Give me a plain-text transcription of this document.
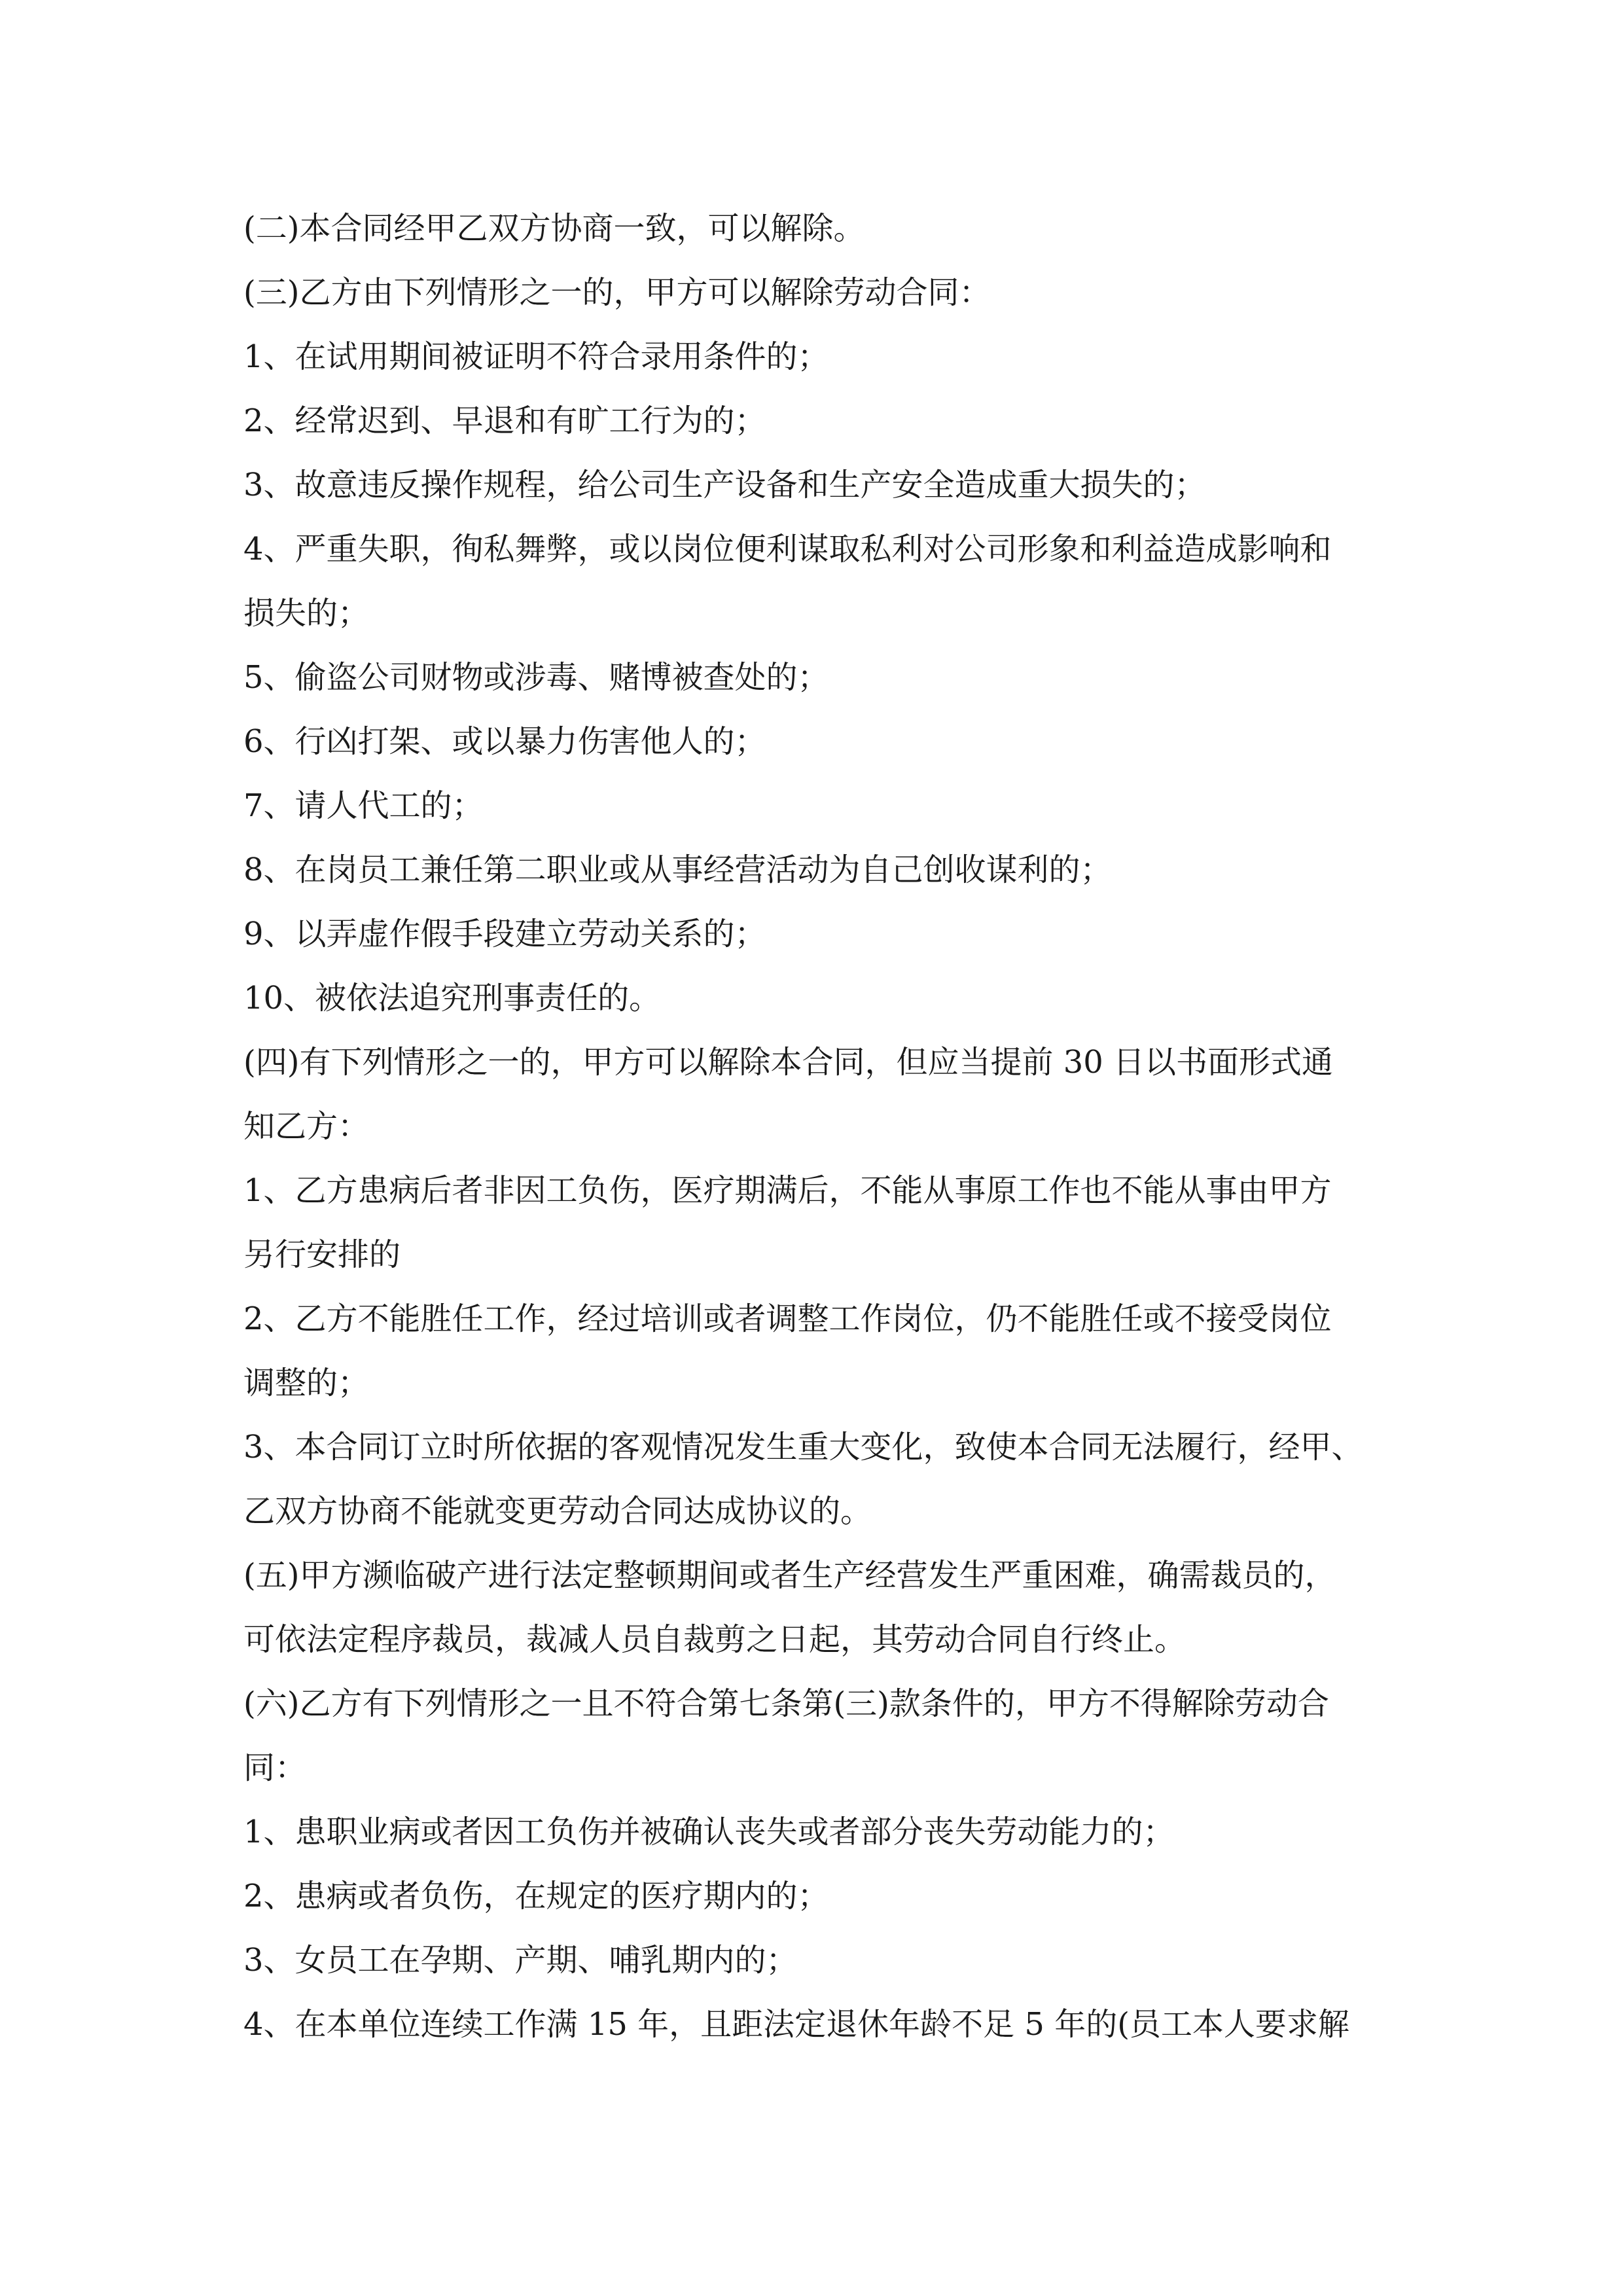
(二)本合同经甲乙双方协商一致，可以解除。
(三)乙方由下列情形之一的，甲方可以解除劳动合同：
1、在试用期间被证明不符合录用条件的；
2、经常迟到、早退和有旷工行为的；
3、故意违反操作规程，给公司生产设备和生产安全造成重大损失的；
4、严重失职，徇私舞弊，或以岗位便利谋取私利对公司形象和利益造成影响和
损失的；
5、偷盗公司财物或涉毒、赌博被查处的；
6、行凶打架、或以暴力伤害他人的；
7、请人代工的；
8、在岗员工兼任第二职业或从事经营活动为自己创收谋利的；
9、以弄虚作假手段建立劳动关系的；
10、被依法追究刑事责任的。
(四)有下列情形之一的，甲方可以解除本合同，但应当提前 30 日以书面形式通
知乙方：
1、乙方患病后者非因工负伤，医疗期满后，不能从事原工作也不能从事由甲方
另行安排的
2、乙方不能胜任工作，经过培训或者调整工作岗位，仍不能胜任或不接受岗位
调整的；
3、本合同订立时所依据的客观情况发生重大变化，致使本合同无法履行，经甲、
乙双方协商不能就变更劳动合同达成协议的。
(五)甲方濒临破产进行法定整顿期间或者生产经营发生严重困难，确需裁员的，
可依法定程序裁员，裁减人员自裁剪之日起，其劳动合同自行终止。
(六)乙方有下列情形之一且不符合第七条第(三)款条件的，甲方不得解除劳动合
同：
1、患职业病或者因工负伤并被确认丧失或者部分丧失劳动能力的；
2、患病或者负伤，在规定的医疗期内的；
3、女员工在孕期、产期、哺乳期内的；
4、在本单位连续工作满 15 年，且距法定退休年龄不足 5 年的(员工本人要求解
